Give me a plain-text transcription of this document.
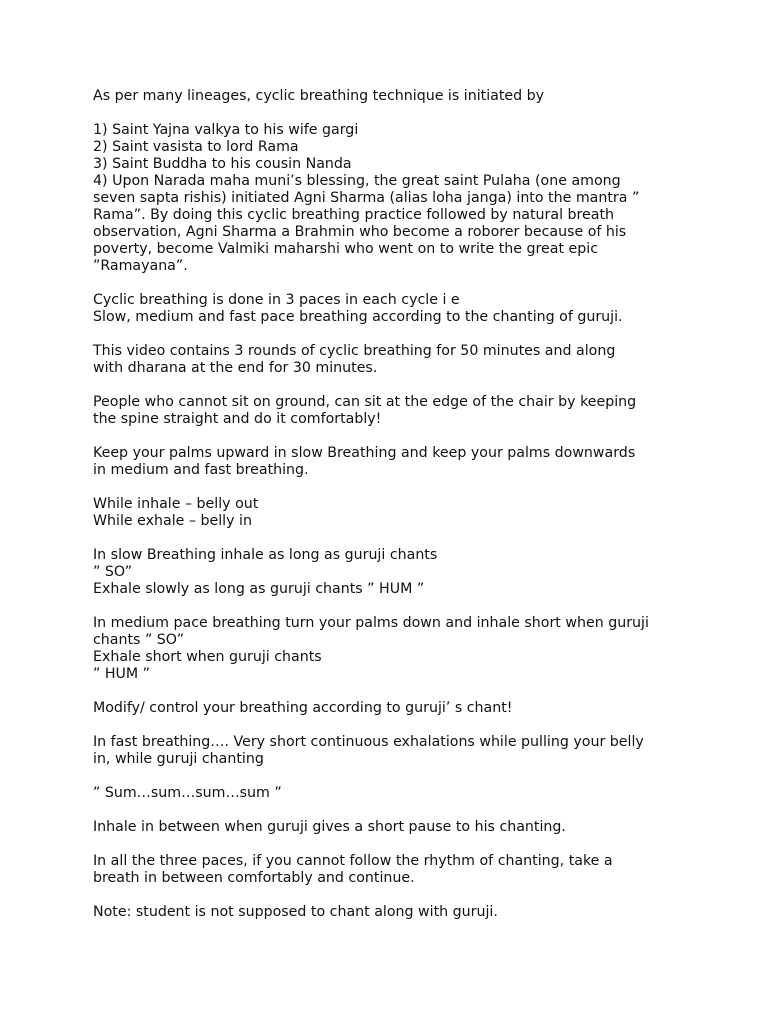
As per many lineages, cyclic breathing technique is initiated by
1) Saint Yajna valkya to his wife gargi
2) Saint vasista to lord Rama
3) Saint Buddha to his cousin Nanda
4) Upon Narada maha muni’s blessing, the great saint Pulaha (one among
seven sapta rishis) initiated Agni Sharma (alias loha janga) into the mantra ”
Rama”. By doing this cyclic breathing practice followed by natural breath
observation, Agni Sharma a Brahmin who become a roborer because of his
poverty, become Valmiki maharshi who went on to write the great epic
”Ramayana”.
Cyclic breathing is done in 3 paces in each cycle i e
Slow, medium and fast pace breathing according to the chanting of guruji.
This video contains 3 rounds of cyclic breathing for 50 minutes and along
with dharana at the end for 30 minutes.
People who cannot sit on ground, can sit at the edge of the chair by keeping
the spine straight and do it comfortably!
Keep your palms upward in slow Breathing and keep your palms downwards
in medium and fast breathing.
While inhale – belly out
While exhale – belly in
In slow Breathing inhale as long as guruji chants
” SO”
Exhale slowly as long as guruji chants ” HUM ”
In medium pace breathing turn your palms down and inhale short when guruji
chants ” SO”
Exhale short when guruji chants
” HUM ”
Modify/ control your breathing according to guruji’ s chant!
In fast breathing…. Very short continuous exhalations while pulling your belly
in, while guruji chanting
” Sum…sum…sum…sum ”
Inhale in between when guruji gives a short pause to his chanting.
In all the three paces, if you cannot follow the rhythm of chanting, take a
breath in between comfortably and continue.
Note: student is not supposed to chant along with guruji.
